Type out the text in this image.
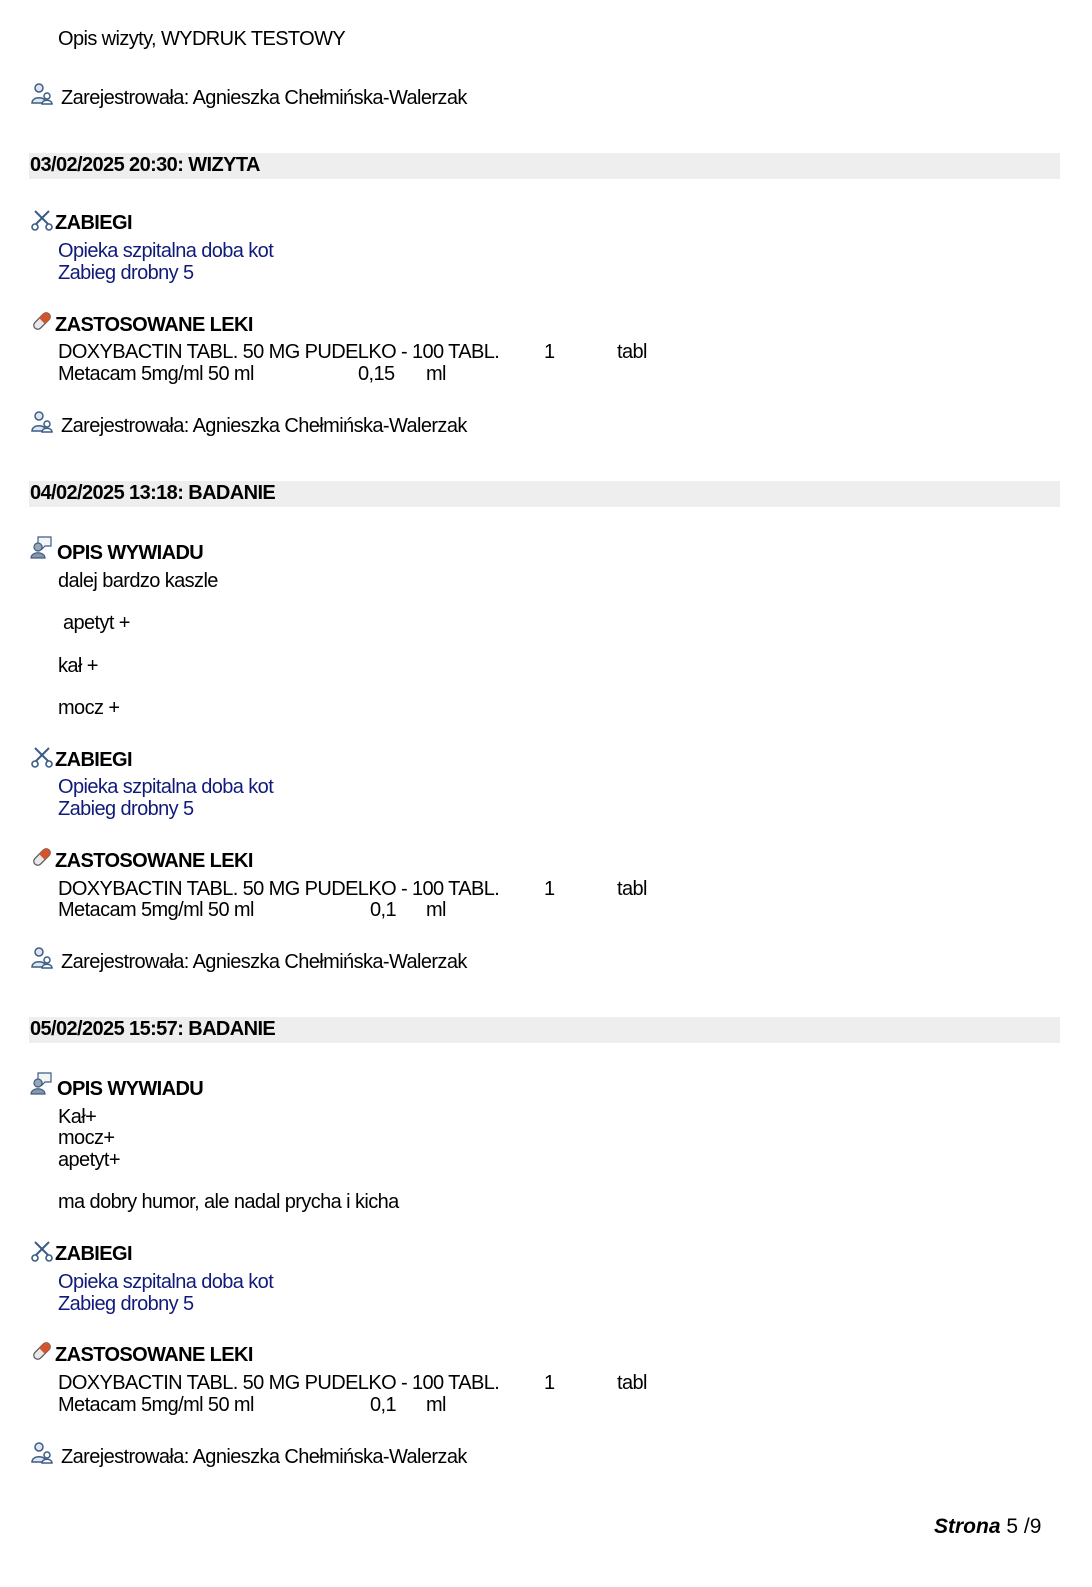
Opis wizyty, WYDRUK TESTOWY
Zarejestrowała: Agnieszka Chełmińska-Walerzak
03/02/2025 20:30: WIZYTA
ZABIEGI
Opieka szpitalna doba kot
Zabieg drobny 5
ZASTOSOWANE LEKI
DOXYBACTIN TABL. 50 MG PUDELKO - 100 TABL. 1	tabl
Metacam 5mg/ml 50 ml	0,15 ml
Zarejestrowała: Agnieszka Chełmińska-Walerzak
04/02/2025 13:18: BADANIE
OPIS WYWIADU
dalej bardzo kaszle
apetyt +
kał +
mocz +
ZABIEGI
Opieka szpitalna doba kot
Zabieg drobny 5
ZASTOSOWANE LEKI
DOXYBACTIN TABL. 50 MG PUDELKO - 100 TABL. 1	tabl
Metacam 5mg/ml 50 ml	0,1 ml
Zarejestrowała: Agnieszka Chełmińska-Walerzak
05/02/2025 15:57: BADANIE
OPIS WYWIADU
Kał+
mocz+
apetyt+
ma dobry humor, ale nadal prycha i kicha
ZABIEGI
Opieka szpitalna doba kot
Zabieg drobny 5
ZASTOSOWANE LEKI
DOXYBACTIN TABL. 50 MG PUDELKO - 100 TABL. 1	tabl
Metacam 5mg/ml 50 ml	0,1 ml
Zarejestrowała: Agnieszka Chełmińska-Walerzak
Strona 5 /9
